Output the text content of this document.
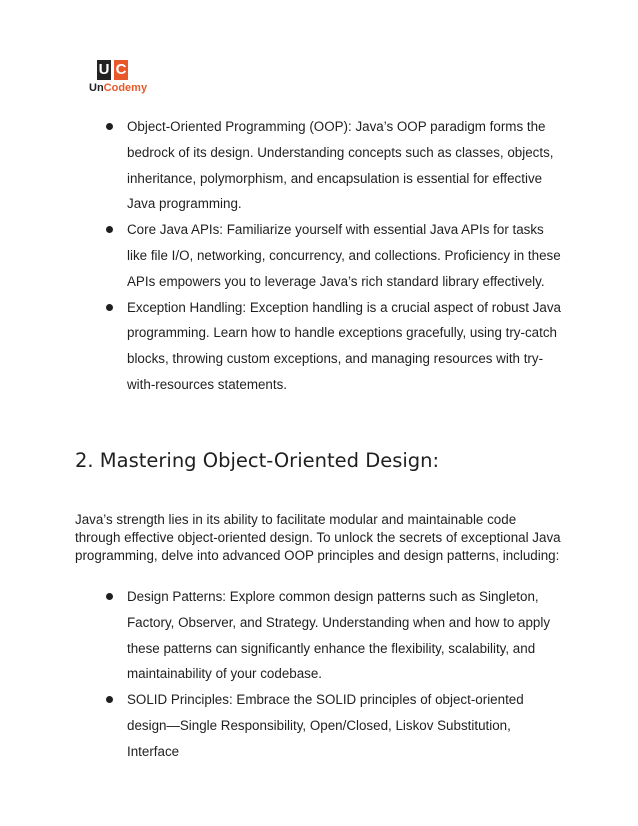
U C
UnCodemy
Object-Oriented Programming (OOP): Java’s OOP paradigm forms the bedrock of its design. Understanding concepts such as classes, objects, inheritance, polymorphism, and encapsulation is essential for effective Java programming.
Core Java APIs: Familiarize yourself with essential Java APIs for tasks like file I/O, networking, concurrency, and collections. Proficiency in these APIs empowers you to leverage Java’s rich standard library effectively.
Exception Handling: Exception handling is a crucial aspect of robust Java programming. Learn how to handle exceptions gracefully, using try-catch blocks, throwing custom exceptions, and managing resources with try-with-resources statements.
2. Mastering Object-Oriented Design:

Java’s strength lies in its ability to facilitate modular and maintainable code through effective object-oriented design. To unlock the secrets of exceptional Java programming, delve into advanced OOP principles and design patterns, including:

Design Patterns: Explore common design patterns such as Singleton, Factory, Observer, and Strategy. Understanding when and how to apply these patterns can significantly enhance the flexibility, scalability, and maintainability of your codebase.
SOLID Principles: Embrace the SOLID principles of object-oriented design—Single Responsibility, Open/Closed, Liskov Substitution, Interface
